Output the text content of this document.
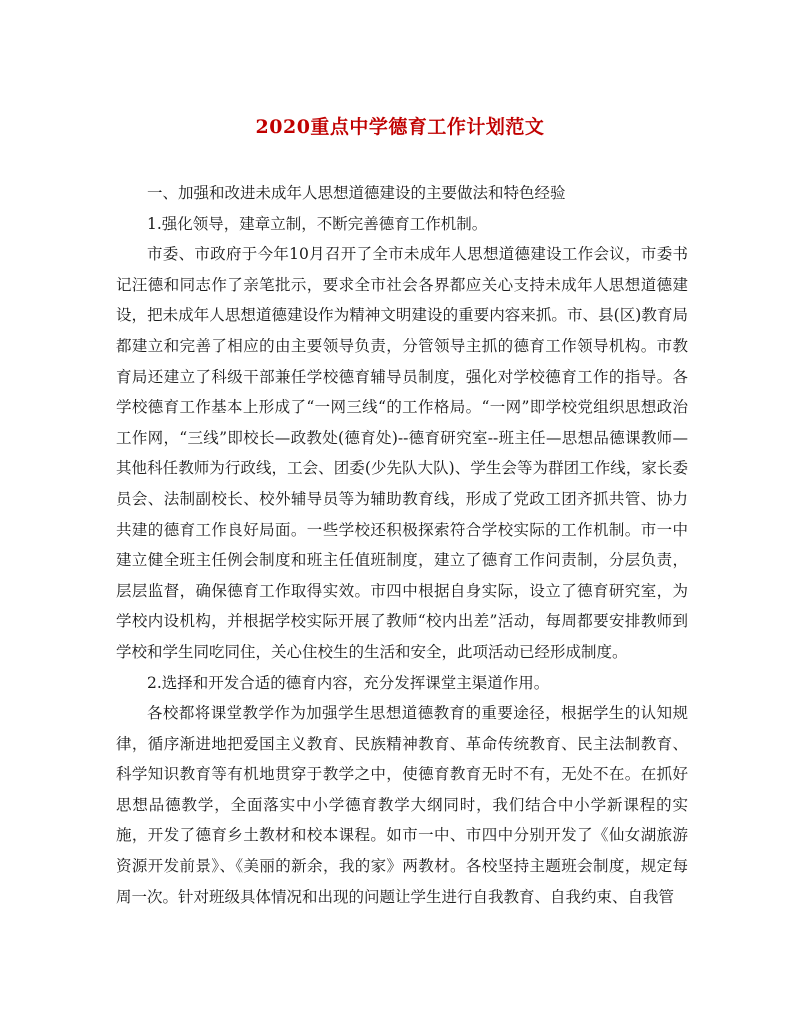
2020重点中学德育工作计划范文

一、加强和改进未成年人思想道德建设的主要做法和特色经验

1.强化领导，建章立制，不断完善德育工作机制。

市委、市政府于今年10月召开了全市未成年人思想道德建设工作会议，市委书记汪德和同志作了亲笔批示，要求全市社会各界都应关心支持未成年人思想道德建设，把未成年人思想道德建设作为精神文明建设的重要内容来抓。市、县(区)教育局都建立和完善了相应的由主要领导负责，分管领导主抓的德育工作领导机构。市教育局还建立了科级干部兼任学校德育辅导员制度，强化对学校德育工作的指导。各学校德育工作基本上形成了“一网三线“的工作格局。“一网”即学校党组织思想政治工作网，“三线”即校长—政教处(德育处)--德育研究室--班主任—思想品德课教师—其他科任教师为行政线，工会、团委(少先队大队)、学生会等为群团工作线，家长委员会、法制副校长、校外辅导员等为辅助教育线，形成了党政工团齐抓共管、协力共建的德育工作良好局面。一些学校还积极探索符合学校实际的工作机制。市一中建立健全班主任例会制度和班主任值班制度，建立了德育工作问责制，分层负责，层层监督，确保德育工作取得实效。市四中根据自身实际，设立了德育研究室，为学校内设机构，并根据学校实际开展了教师“校内出差”活动，每周都要安排教师到学校和学生同吃同住，关心住校生的生活和安全，此项活动已经形成制度。

2.选择和开发合适的德育内容，充分发挥课堂主渠道作用。

各校都将课堂教学作为加强学生思想道德教育的重要途径，根据学生的认知规律，循序渐进地把爱国主义教育、民族精神教育、革命传统教育、民主法制教育、科学知识教育等有机地贯穿于教学之中，使德育教育无时不有，无处不在。在抓好思想品德教学，全面落实中小学德育教学大纲同时，我们结合中小学新课程的实施，开发了德育乡土教材和校本课程。如市一中、市四中分别开发了《仙女湖旅游资源开发前景》、《美丽的新余，我的家》两教材。各校坚持主题班会制度，规定每周一次。针对班级具体情况和出现的问题让学生进行自我教育、自我约束、自我管
